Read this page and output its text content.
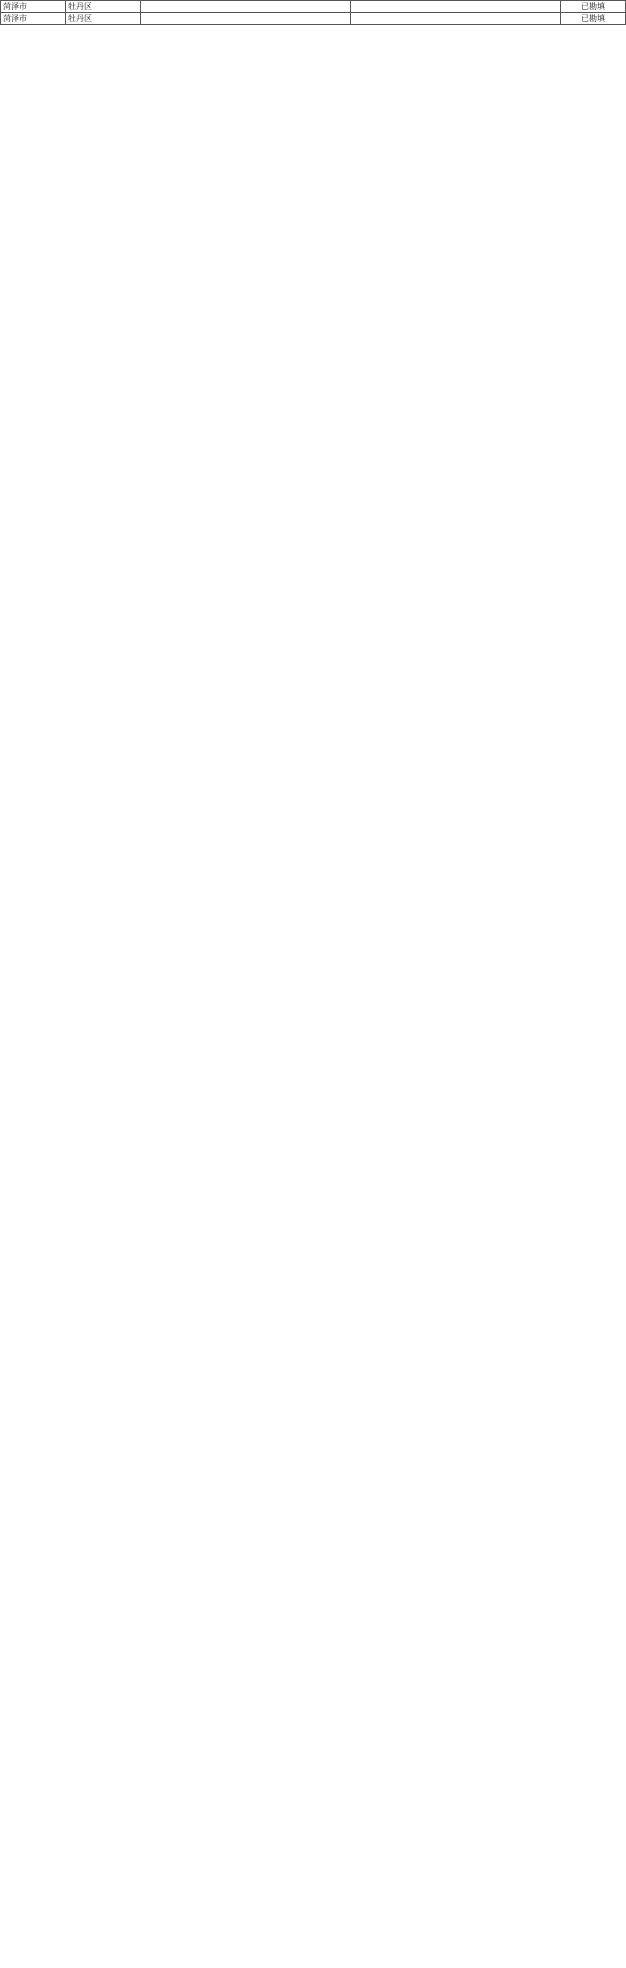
菏泽市	牡丹区			已勘填
菏泽市	牡丹区			已勘填
